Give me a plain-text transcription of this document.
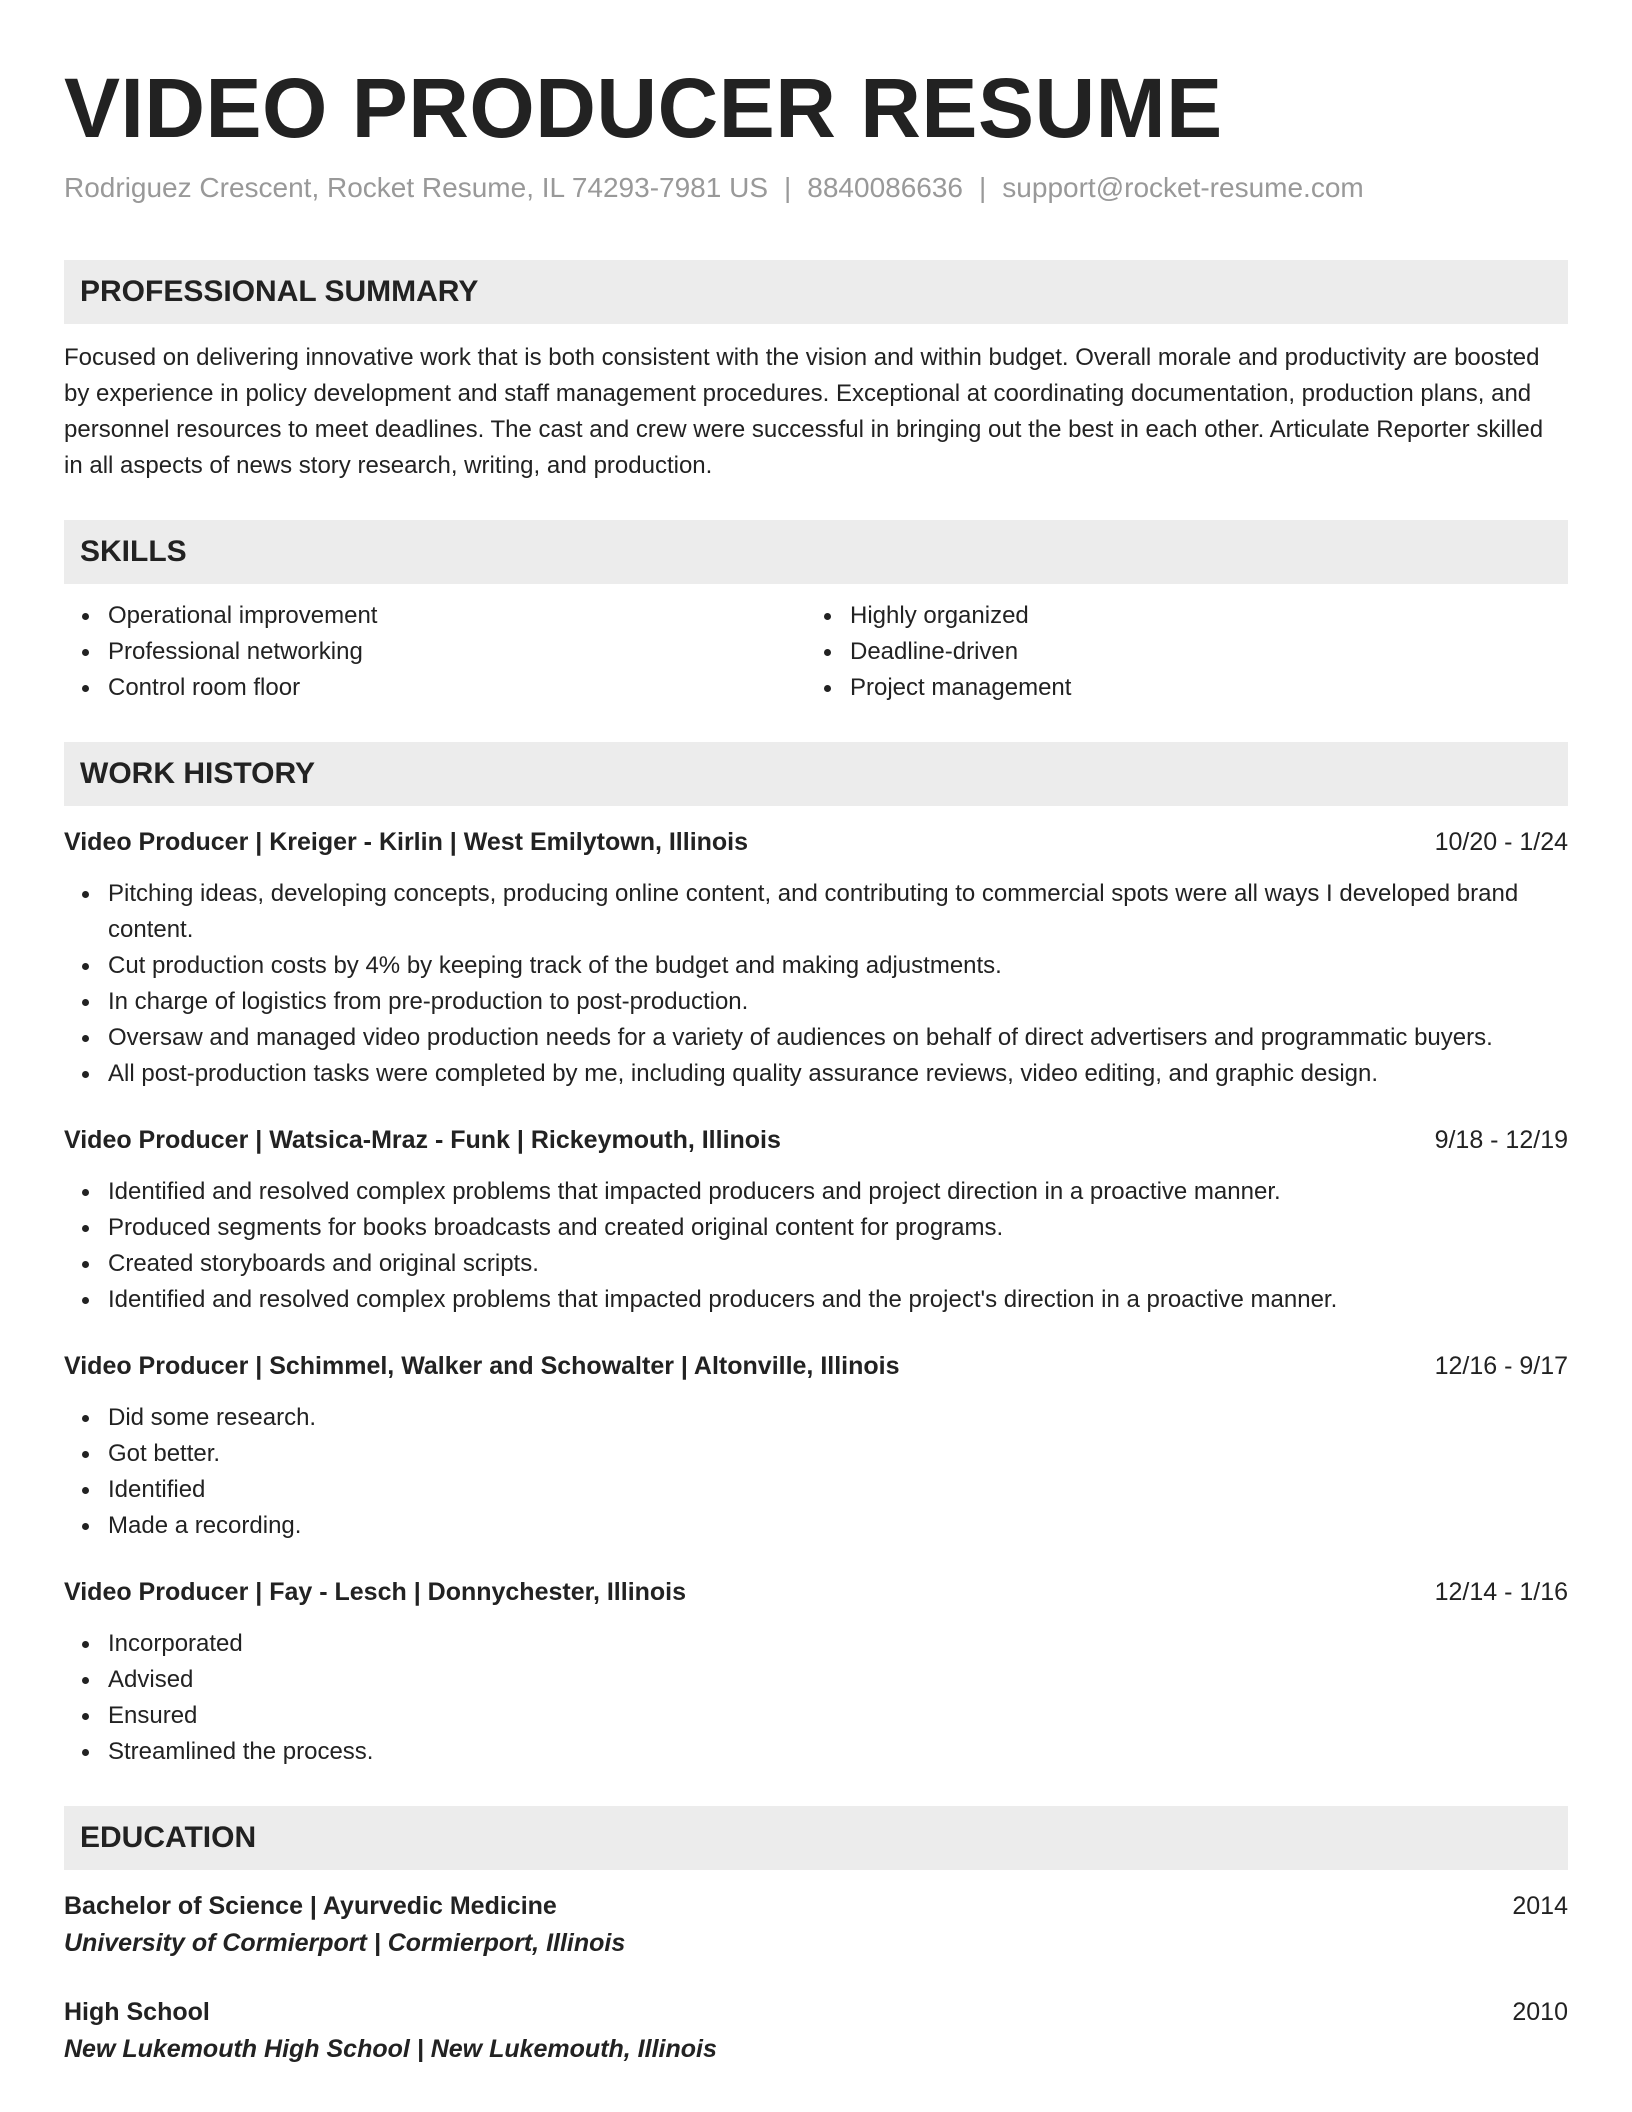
VIDEO PRODUCER RESUME
Rodriguez Crescent, Rocket Resume, IL 74293-7981 US | 8840086636 | support@rocket-resume.com
PROFESSIONAL SUMMARY
Focused on delivering innovative work that is both consistent with the vision and within budget. Overall morale and productivity are boosted by experience in policy development and staff management procedures. Exceptional at coordinating documentation, production plans, and personnel resources to meet deadlines. The cast and crew were successful in bringing out the best in each other. Articulate Reporter skilled in all aspects of news story research, writing, and production.
SKILLS
Operational improvement
Professional networking
Control room floor
Highly organized
Deadline-driven
Project management
WORK HISTORY
Video Producer | Kreiger - Kirlin | West Emilytown, Illinois	10/20 - 1/24
Pitching ideas, developing concepts, producing online content, and contributing to commercial spots were all ways I developed brand content.
Cut production costs by 4% by keeping track of the budget and making adjustments.
In charge of logistics from pre-production to post-production.
Oversaw and managed video production needs for a variety of audiences on behalf of direct advertisers and programmatic buyers.
All post-production tasks were completed by me, including quality assurance reviews, video editing, and graphic design.
Video Producer | Watsica-Mraz - Funk | Rickeymouth, Illinois	9/18 - 12/19
Identified and resolved complex problems that impacted producers and project direction in a proactive manner.
Produced segments for books broadcasts and created original content for programs.
Created storyboards and original scripts.
Identified and resolved complex problems that impacted producers and the project's direction in a proactive manner.
Video Producer | Schimmel, Walker and Schowalter | Altonville, Illinois	12/16 - 9/17
Did some research.
Got better.
Identified
Made a recording.
Video Producer | Fay - Lesch | Donnychester, Illinois	12/14 - 1/16
Incorporated
Advised
Ensured
Streamlined the process.
EDUCATION
Bachelor of Science | Ayurvedic Medicine	2014
University of Cormierport | Cormierport, Illinois
High School	2010
New Lukemouth High School | New Lukemouth, Illinois
